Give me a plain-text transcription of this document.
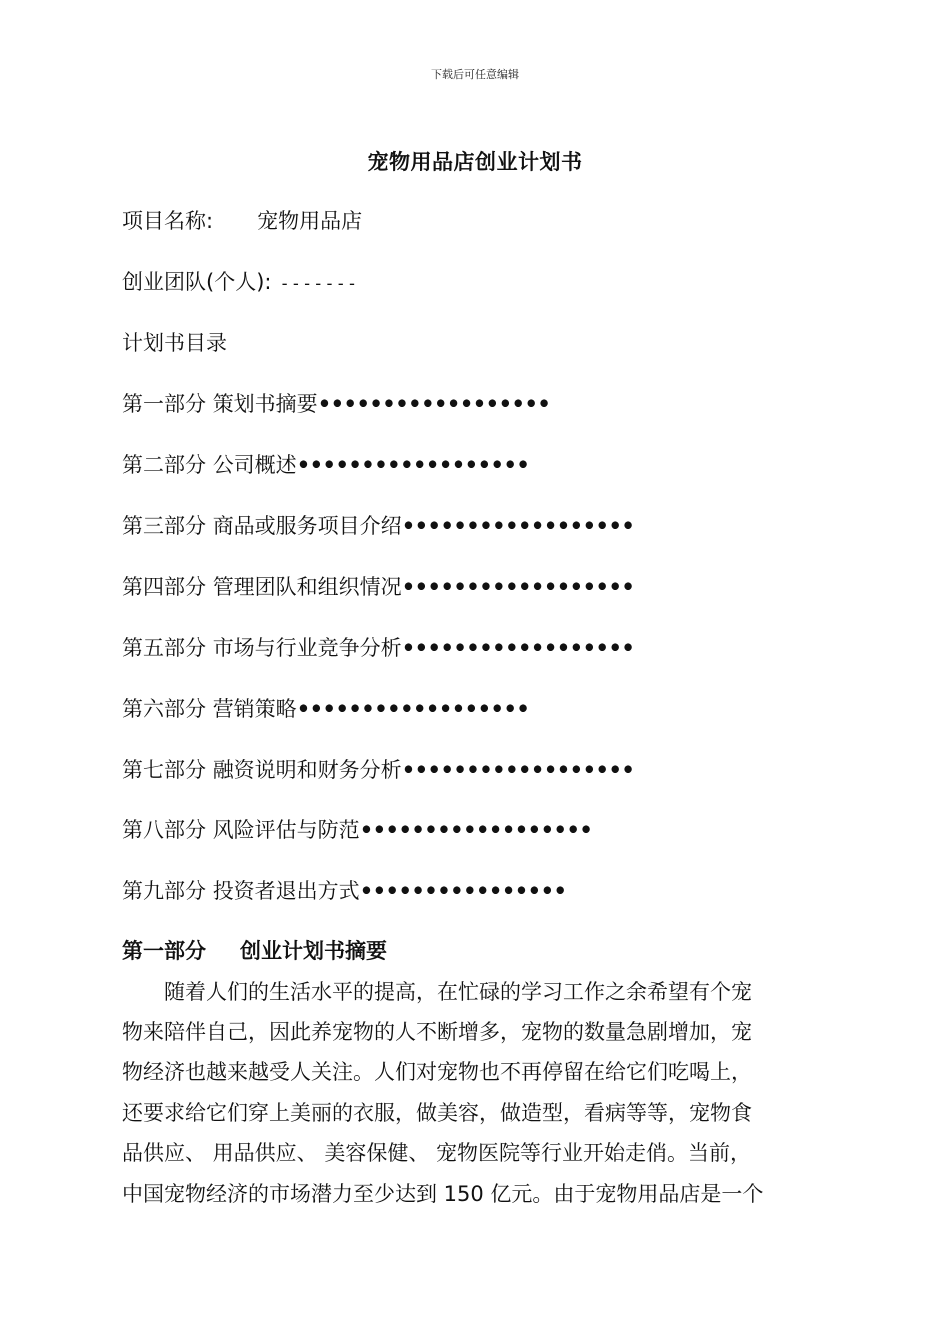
下载后可任意编辑
宠物用品店创业计划书
项目名称: 宠物用品店
创业团队(个人): -------
计划书目录
第一部分 策划书摘要••••••••••••••••••
第二部分 公司概述••••••••••••••••••
第三部分 商品或服务项目介绍••••••••••••••••••
第四部分 管理团队和组织情况••••••••••••••••••
第五部分 市场与行业竞争分析••••••••••••••••••
第六部分 营销策略••••••••••••••••••
第七部分 融资说明和财务分析••••••••••••••••••
第八部分 风险评估与防范••••••••••••••••••
第九部分 投资者退出方式••••••••••••••••
第一部分 创业计划书摘要
　　随着人们的生活水平的提高，在忙碌的学习工作之余希望有个宠
物来陪伴自己，因此养宠物的人不断增多，宠物的数量急剧增加，宠
物经济也越来越受人关注。人们对宠物也不再停留在给它们吃喝上，
还要求给它们穿上美丽的衣服，做美容，做造型，看病等等，宠物食
品供应、 用品供应、 美容保健、 宠物医院等行业开始走俏。当前，
中国宠物经济的市场潜力至少达到 150 亿元。由于宠物用品店是一个
